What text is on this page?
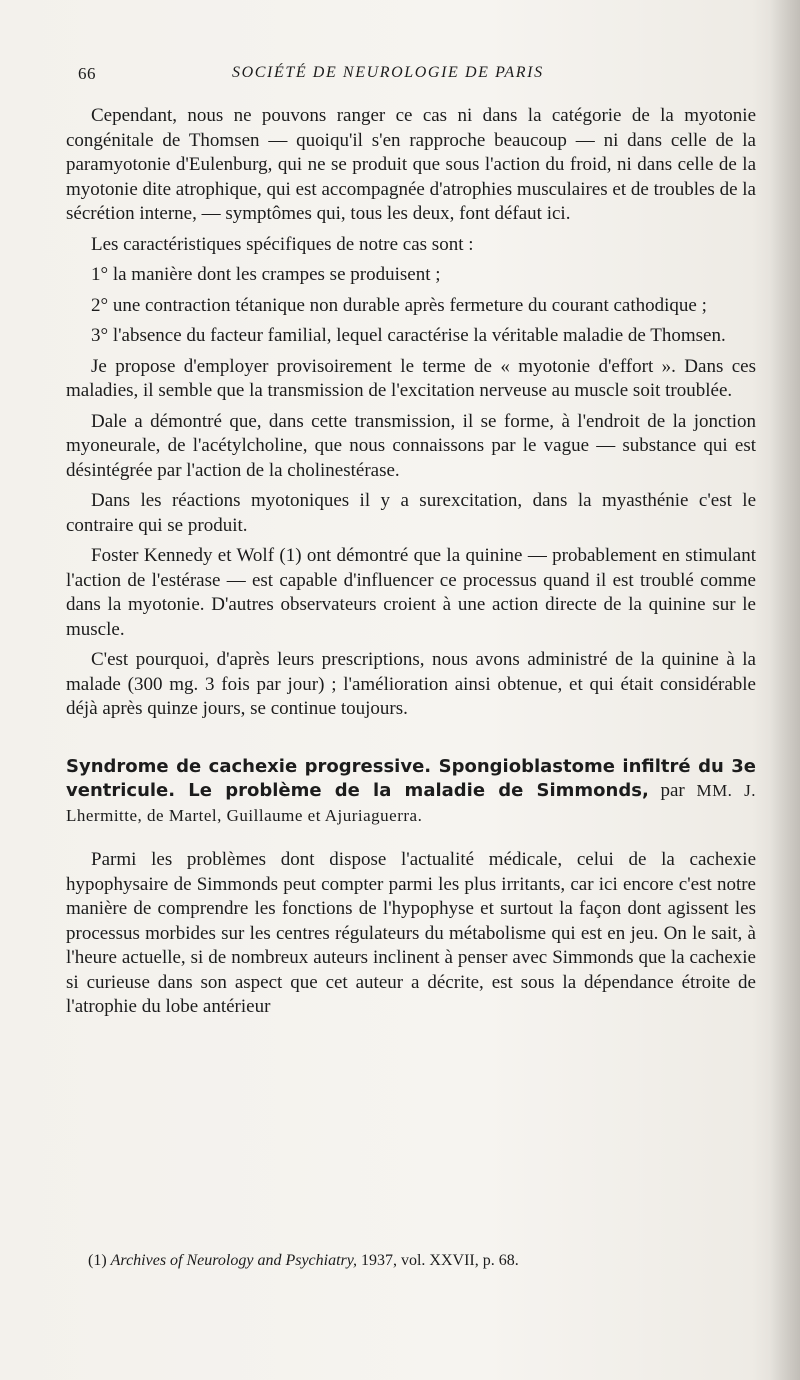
66	SOCIÉTÉ DE NEUROLOGIE DE PARIS

Cependant, nous ne pouvons ranger ce cas ni dans la catégorie de la myotonie congénitale de Thomsen — quoiqu'il s'en rapproche beaucoup — ni dans celle de la paramyotonie d'Eulenburg, qui ne se produit que sous l'action du froid, ni dans celle de la myotonie dite atrophique, qui est accompagnée d'atrophies musculaires et de troubles de la sécrétion interne, — symptômes qui, tous les deux, font défaut ici.

Les caractéristiques spécifiques de notre cas sont :

1° la manière dont les crampes se produisent ;

2° une contraction tétanique non durable après fermeture du courant cathodique ;

3° l'absence du facteur familial, lequel caractérise la véritable maladie de Thomsen.

Je propose d'employer provisoirement le terme de « myotonie d'effort ». Dans ces maladies, il semble que la transmission de l'excitation nerveuse au muscle soit troublée.

Dale a démontré que, dans cette transmission, il se forme, à l'endroit de la jonction myoneurale, de l'acétylcholine, que nous connaissons par le vague — substance qui est désintégrée par l'action de la cholinestérase.

Dans les réactions myotoniques il y a surexcitation, dans la myasthénie c'est le contraire qui se produit.

Foster Kennedy et Wolf (1) ont démontré que la quinine — probablement en stimulant l'action de l'estérase — est capable d'influencer ce processus quand il est troublé comme dans la myotonie. D'autres observateurs croient à une action directe de la quinine sur le muscle.

C'est pourquoi, d'après leurs prescriptions, nous avons administré de la quinine à la malade (300 mg. 3 fois par jour) ; l'amélioration ainsi obtenue, et qui était considérable déjà après quinze jours, se continue toujours.

Syndrome de cachexie progressive. Spongioblastome infiltré du 3e ventricule. Le problème de la maladie de Simmonds, par MM. J. Lhermitte, de Martel, Guillaume et Ajuriaguerra.

Parmi les problèmes dont dispose l'actualité médicale, celui de la cachexie hypophysaire de Simmonds peut compter parmi les plus irritants, car ici encore c'est notre manière de comprendre les fonctions de l'hypophyse et surtout la façon dont agissent les processus morbides sur les centres régulateurs du métabolisme qui est en jeu. On le sait, à l'heure actuelle, si de nombreux auteurs inclinent à penser avec Simmonds que la cachexie si curieuse dans son aspect que cet auteur a décrite, est sous la dépendance étroite de l'atrophie du lobe antérieur

(1) Archives of Neurology and Psychiatry, 1937, vol. XXVII, p. 68.
